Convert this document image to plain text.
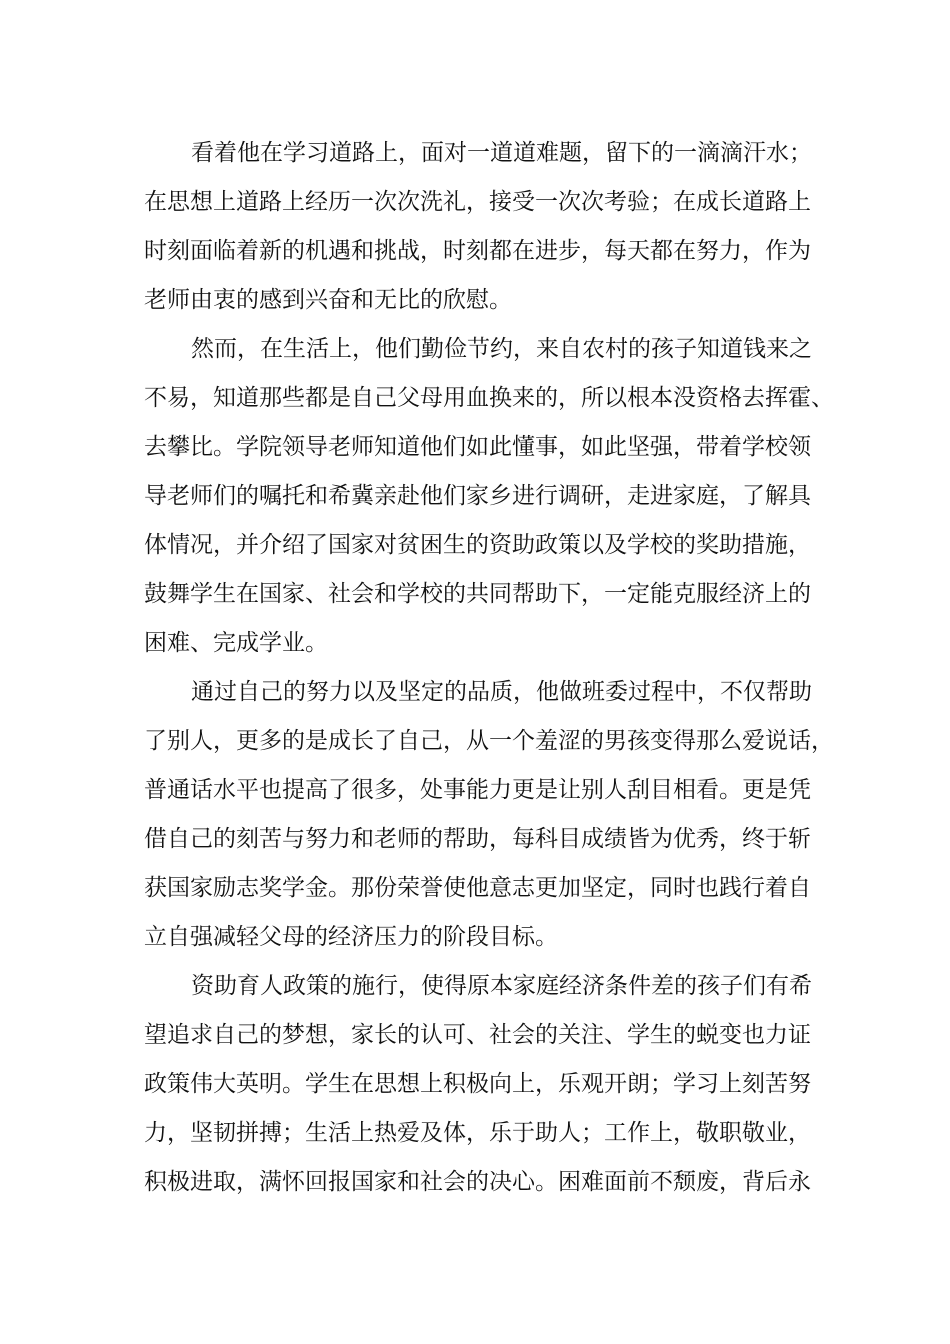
看着他在学习道路上，面对一道道难题，留下的一滴滴汗水；
在思想上道路上经历一次次洗礼，接受一次次考验；在成长道路上
时刻面临着新的机遇和挑战，时刻都在进步，每天都在努力，作为
老师由衷的感到兴奋和无比的欣慰。
然而，在生活上，他们勤俭节约，来自农村的孩子知道钱来之
不易，知道那些都是自己父母用血换来的，所以根本没资格去挥霍、
去攀比。学院领导老师知道他们如此懂事，如此坚强，带着学校领
导老师们的嘱托和希冀亲赴他们家乡进行调研，走进家庭，了解具
体情况，并介绍了国家对贫困生的资助政策以及学校的奖助措施，
鼓舞学生在国家、社会和学校的共同帮助下，一定能克服经济上的
困难、完成学业。
通过自己的努力以及坚定的品质，他做班委过程中，不仅帮助
了别人，更多的是成长了自己，从一个羞涩的男孩变得那么爱说话，
普通话水平也提高了很多，处事能力更是让别人刮目相看。更是凭
借自己的刻苦与努力和老师的帮助，每科目成绩皆为优秀，终于斩
获国家励志奖学金。那份荣誉使他意志更加坚定，同时也践行着自
立自强减轻父母的经济压力的阶段目标。
资助育人政策的施行，使得原本家庭经济条件差的孩子们有希
望追求自己的梦想，家长的认可、社会的关注、学生的蜕变也力证
政策伟大英明。学生在思想上积极向上，乐观开朗；学习上刻苦努
力，坚韧拼搏；生活上热爱及体，乐于助人；工作上，敬职敬业，
积极进取，满怀回报国家和社会的决心。困难面前不颓废，背后永
